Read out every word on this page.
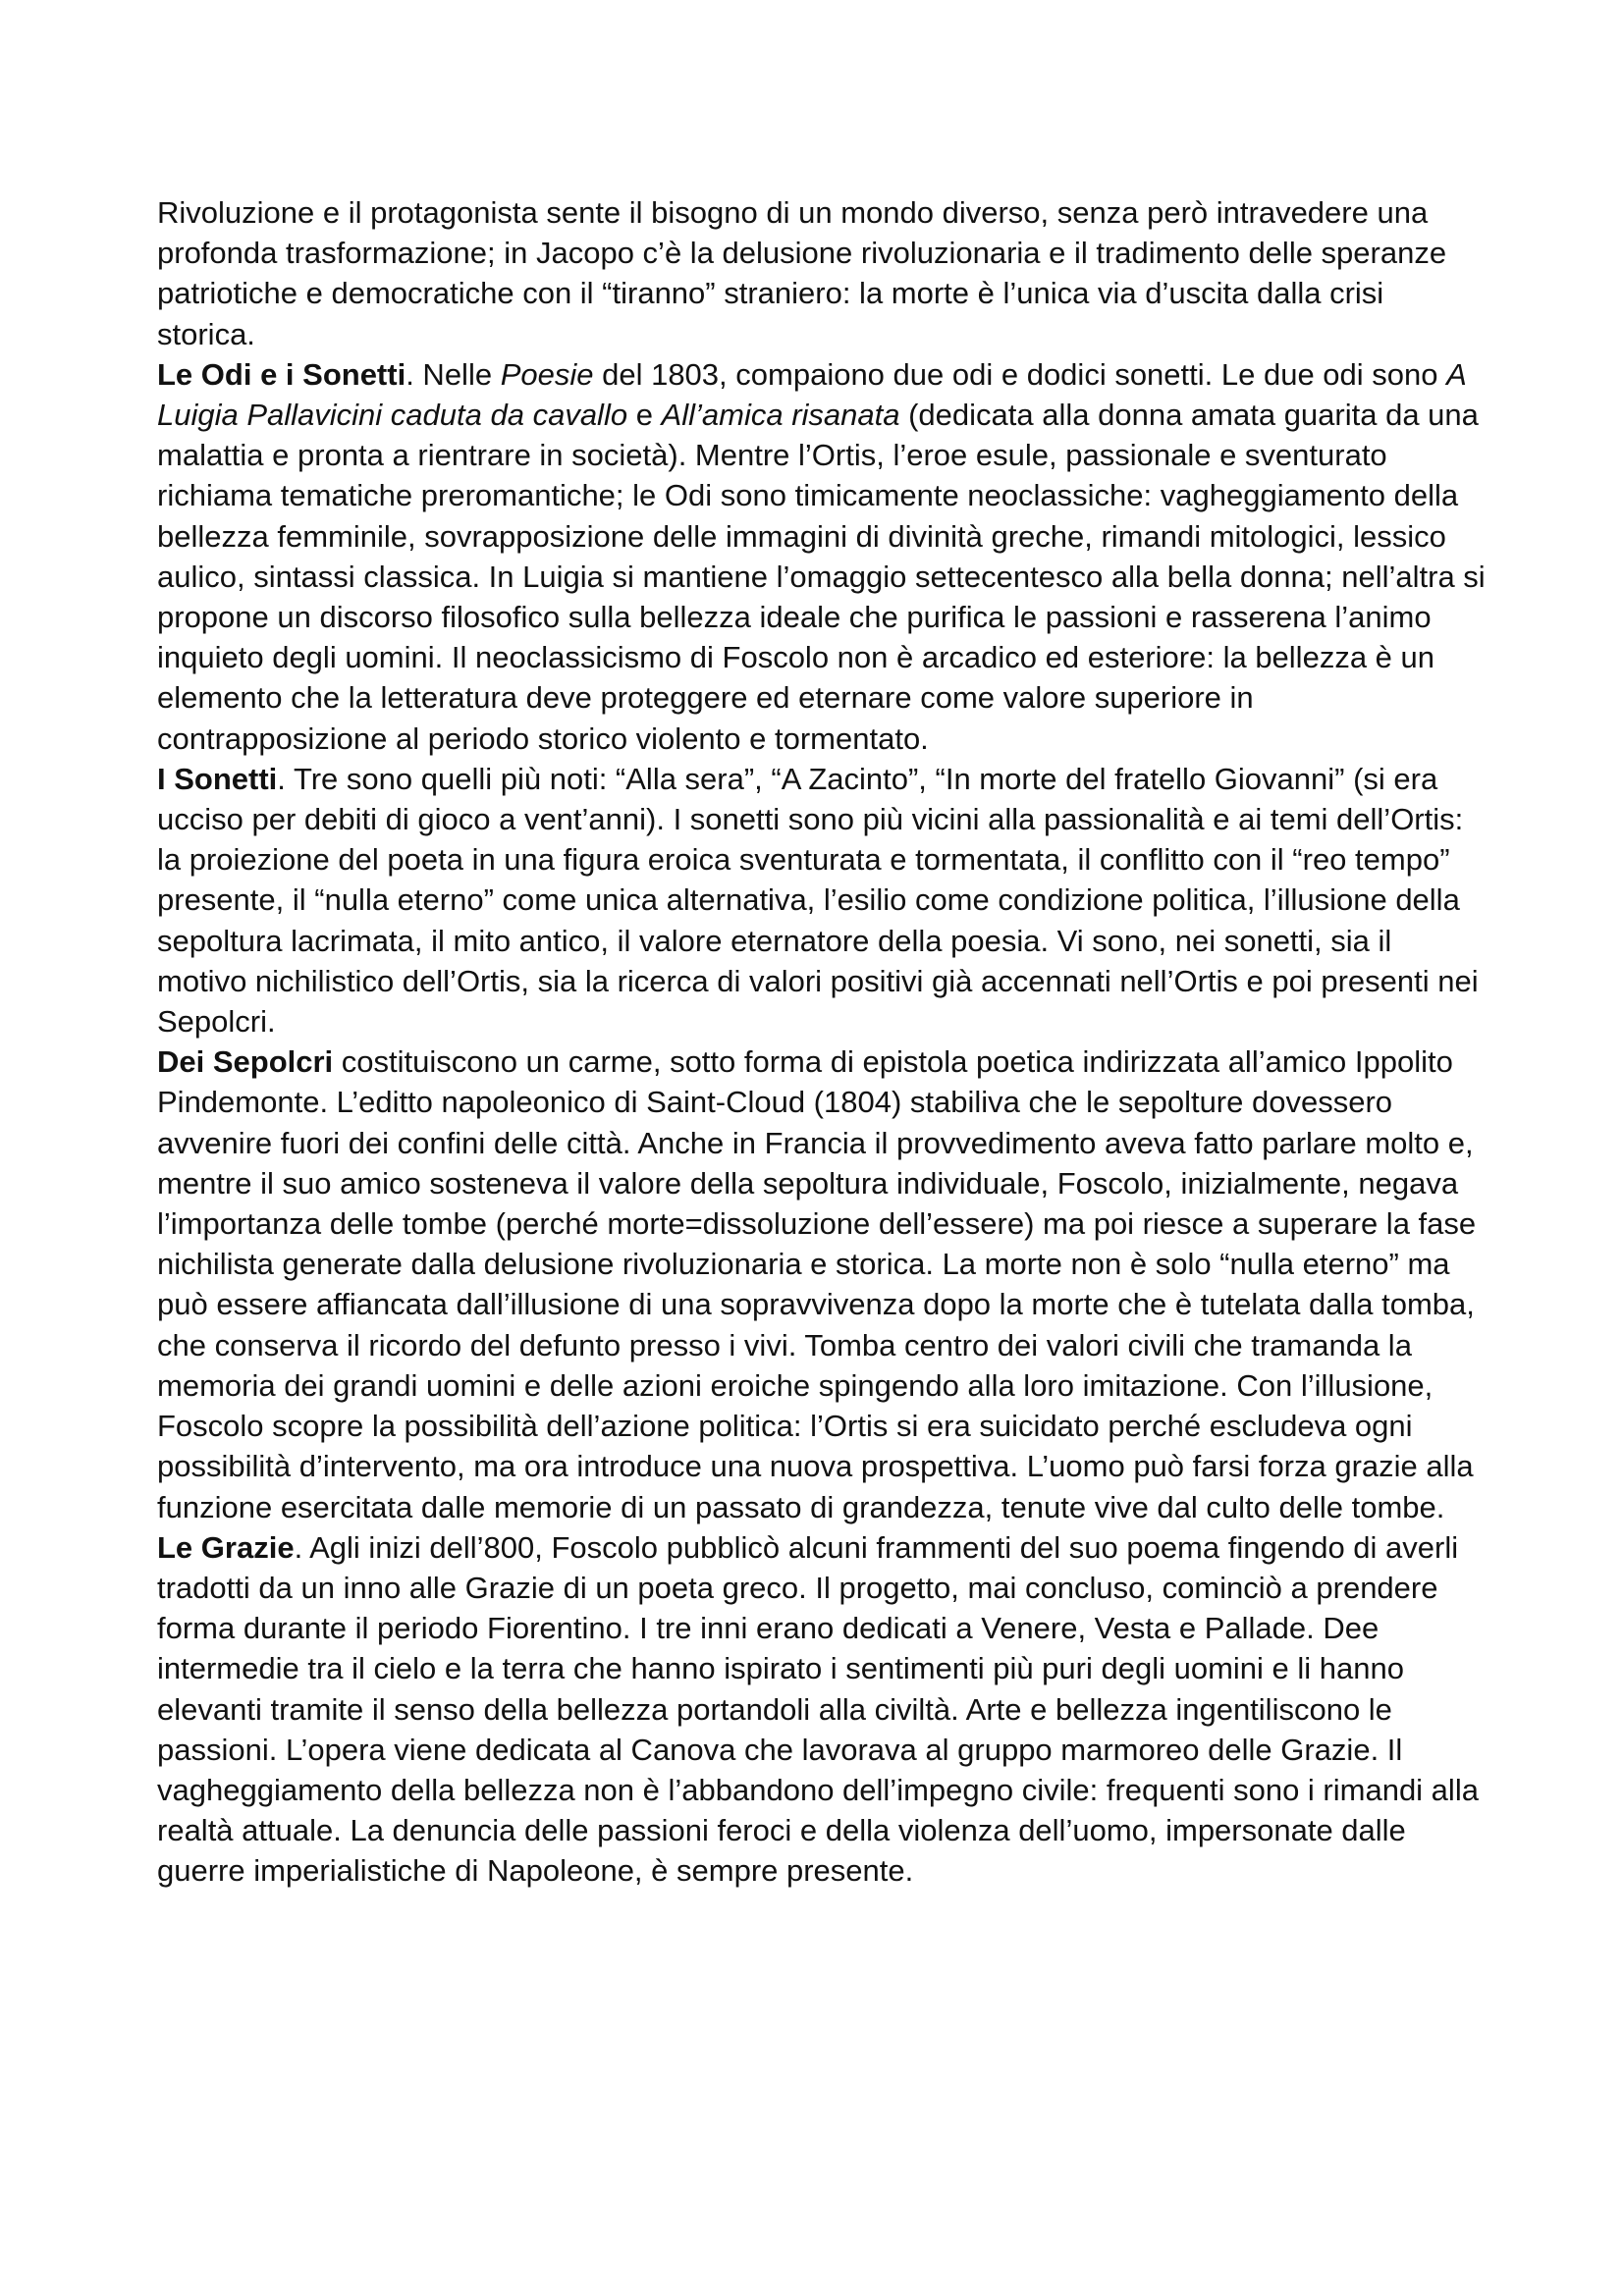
Rivoluzione e il protagonista sente il bisogno di un mondo diverso, senza però intravedere una profonda trasformazione; in Jacopo c’è la delusione rivoluzionaria e il tradimento delle speranze patriotiche e democratiche con il “tiranno” straniero: la morte è l’unica via d’uscita dalla crisi storica.

Le Odi e i Sonetti. Nelle Poesie del 1803, compaiono due odi e dodici sonetti. Le due odi sono A Luigia Pallavicini caduta da cavallo e All’amica risanata (dedicata alla donna amata guarita da una malattia e pronta a rientrare in società). Mentre l’Ortis, l’eroe esule, passionale e sventurato richiama tematiche preromantiche; le Odi sono timicamente neoclassiche: vagheggiamento della bellezza femminile, sovrapposizione delle immagini di divinità greche, rimandi mitologici, lessico aulico, sintassi classica. In Luigia si mantiene l’omaggio settecentesco alla bella donna; nell’altra si propone un discorso filosofico sulla bellezza ideale che purifica le passioni e rasserena l’animo inquieto degli uomini. Il neoclassicismo di Foscolo non è arcadico ed esteriore: la bellezza è un elemento che la letteratura deve proteggere ed eternare come valore superiore in contrapposizione al periodo storico violento e tormentato.

I Sonetti. Tre sono quelli più noti: “Alla sera”, “A Zacinto”, “In morte del fratello Giovanni” (si era ucciso per debiti di gioco a vent’anni). I sonetti sono più vicini alla passionalità e ai temi dell’Ortis: la proiezione del poeta in una figura eroica sventurata e tormentata, il conflitto con il “reo tempo” presente, il “nulla eterno” come unica alternativa, l’esilio come condizione politica, l’illusione della sepoltura lacrimata, il mito antico, il valore eternatore della poesia. Vi sono, nei sonetti, sia il motivo nichilistico dell’Ortis, sia la ricerca di valori positivi già accennati nell’Ortis e poi presenti nei Sepolcri.

Dei Sepolcri costituiscono un carme, sotto forma di epistola poetica indirizzata all’amico Ippolito Pindemonte. L’editto napoleonico di Saint-Cloud (1804) stabiliva che le sepolture dovessero avvenire fuori dei confini delle città. Anche in Francia il provvedimento aveva fatto parlare molto e, mentre il suo amico sosteneva il valore della sepoltura individuale, Foscolo, inizialmente, negava l’importanza delle tombe (perché morte=dissoluzione dell’essere) ma poi riesce a superare la fase nichilista generate dalla delusione rivoluzionaria e storica. La morte non è solo “nulla eterno” ma può essere affiancata dall’illusione di una sopravvivenza dopo la morte che è tutelata dalla tomba, che conserva il ricordo del defunto presso i vivi. Tomba centro dei valori civili che tramanda la memoria dei grandi uomini e delle azioni eroiche spingendo alla loro imitazione. Con l’illusione, Foscolo scopre la possibilità dell’azione politica: l’Ortis si era suicidato perché escludeva ogni possibilità d’intervento, ma ora introduce una nuova prospettiva. L’uomo può farsi forza grazie alla funzione esercitata dalle memorie di un passato di grandezza, tenute vive dal culto delle tombe.

Le Grazie. Agli inizi dell’800, Foscolo pubblicò alcuni frammenti del suo poema fingendo di averli tradotti da un inno alle Grazie di un poeta greco. Il progetto, mai concluso, cominciò a prendere forma durante il periodo Fiorentino. I tre inni erano dedicati a Venere, Vesta e Pallade. Dee intermedie tra il cielo e la terra che hanno ispirato i sentimenti più puri degli uomini e li hanno elevanti tramite il senso della bellezza portandoli alla civiltà. Arte e bellezza ingentiliscono le passioni. L’opera viene dedicata al Canova che lavorava al gruppo marmoreo delle Grazie. Il vagheggiamento della bellezza non è l’abbandono dell’impegno civile: frequenti sono i rimandi alla realtà attuale. La denuncia delle passioni feroci e della violenza dell’uomo, impersonate dalle guerre imperialistiche di Napoleone, è sempre presente.
